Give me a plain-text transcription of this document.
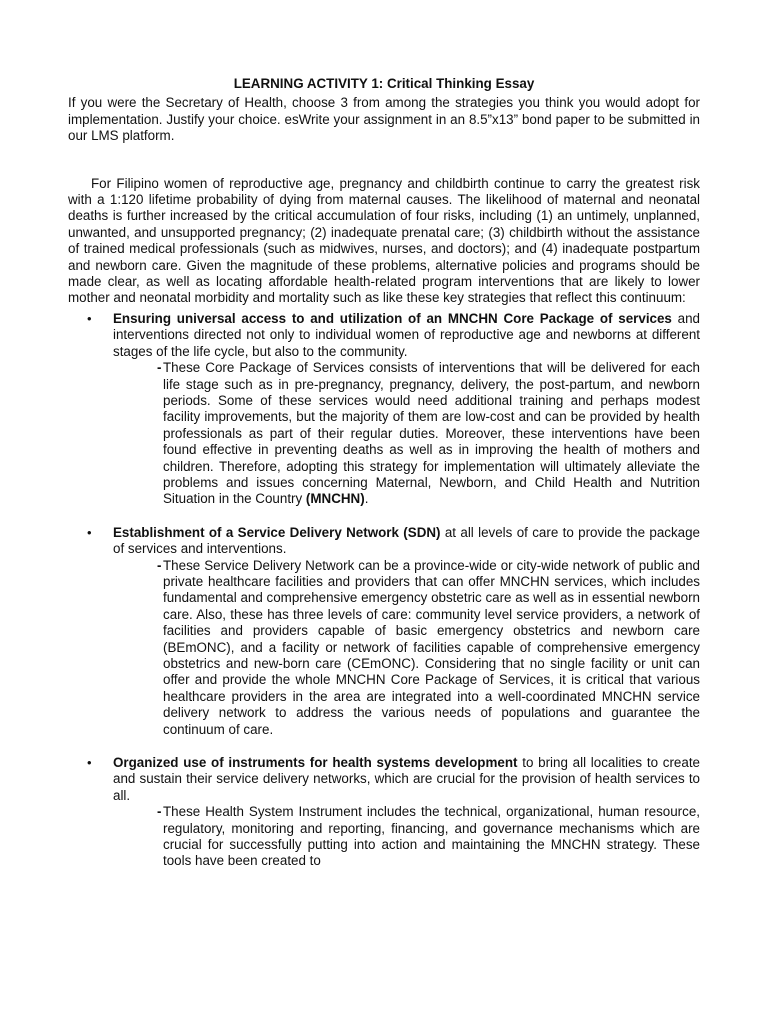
LEARNING ACTIVITY 1: Critical Thinking Essay

If you were the Secretary of Health, choose 3 from among the strategies you think you would adopt for implementation. Justify your choice. esWrite your assignment in an 8.5”x13” bond paper to be submitted in our LMS platform.

For Filipino women of reproductive age, pregnancy and childbirth continue to carry the greatest risk with a 1:120 lifetime probability of dying from maternal causes. The likelihood of maternal and neonatal deaths is further increased by the critical accumulation of four risks, including (1) an untimely, unplanned, unwanted, and unsupported pregnancy; (2) inadequate prenatal care; (3) childbirth without the assistance of trained medical professionals (such as midwives, nurses, and doctors); and (4) inadequate postpartum and newborn care. Given the magnitude of these problems, alternative policies and programs should be made clear, as well as locating affordable health-related program interventions that are likely to lower mother and neonatal morbidity and mortality such as like these key strategies that reflect this continuum:

• Ensuring universal access to and utilization of an MNCHN Core Package of services and interventions directed not only to individual women of reproductive age and newborns at different stages of the life cycle, but also to the community.
- These Core Package of Services consists of interventions that will be delivered for each life stage such as in pre-pregnancy, pregnancy, delivery, the post-partum, and newborn periods. Some of these services would need additional training and perhaps modest facility improvements, but the majority of them are low-cost and can be provided by health professionals as part of their regular duties. Moreover, these interventions have been found effective in preventing deaths as well as in improving the health of mothers and children. Therefore, adopting this strategy for implementation will ultimately alleviate the problems and issues concerning Maternal, Newborn, and Child Health and Nutrition Situation in the Country (MNCHN).
• Establishment of a Service Delivery Network (SDN) at all levels of care to provide the package of services and interventions.
- These Service Delivery Network can be a province-wide or city-wide network of public and private healthcare facilities and providers that can offer MNCHN services, which includes fundamental and comprehensive emergency obstetric care as well as in essential newborn care. Also, these has three levels of care: community level service providers, a network of facilities and providers capable of basic emergency obstetrics and newborn care (BEmONC), and a facility or network of facilities capable of comprehensive emergency obstetrics and new-born care (CEmONC). Considering that no single facility or unit can offer and provide the whole MNCHN Core Package of Services, it is critical that various healthcare providers in the area are integrated into a well-coordinated MNCHN service delivery network to address the various needs of populations and guarantee the continuum of care.
• Organized use of instruments for health systems development to bring all localities to create and sustain their service delivery networks, which are crucial for the provision of health services to all.
- These Health System Instrument includes the technical, organizational, human resource, regulatory, monitoring and reporting, financing, and governance mechanisms which are crucial for successfully putting into action and maintaining the MNCHN strategy. These tools have been created to
